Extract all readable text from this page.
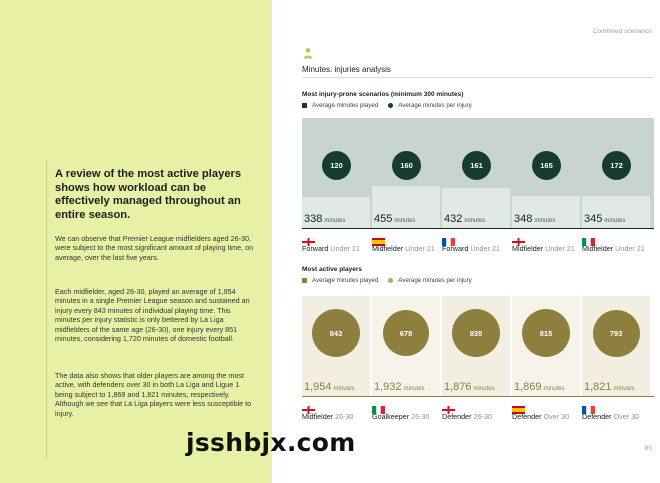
A review of the most active players shows how workload can be effectively managed throughout an entire season.

We can observe that Premier League midfielders aged 26-30, were subject to the most significant amount of playing time, on average, over the last five years.

Each midfielder, aged 26-30, played an average of 1,954 minutes in a single Premier League season and sustained an injury every 843 minutes of individual playing time. This minutes per injury statistic is only bettered by La Liga midfielders of the same age (26-30), one injury every 851 minutes, considering 1,720 minutes of domestic football.

The data also shows that older players are among the most active, with defenders over 30 in both La Liga and Ligue 1 being subject to 1,869 and 1,821 minutes, respectively. Although we see that La Liga players were less susceptible to injury.

Combined scenarios
Minutes: injuries analysis
Most injury-prone scenarios (minimum 300 minutes)
Average minutes played	Average minutes per injury
120
338 minutes
160
455 minutes
161
432 minutes
165
348 minutes
172
345 minutes
Forward Under 21 Midfielder Under 21 Forward Under 21 Midfielder Under 21 Midfielder Under 21
Most active players
Average minutes played	Average minutes per injury
843
1,954 minutes
678
1,932 minutes
835
1,876 minutes
815
1,869 minutes
793
1,821 minutes
Midfielder 26-30	Goalkeeper 26-30 Defender 26-30	Defender Over 30 Defender Over 30
85
jsshbjx.com
